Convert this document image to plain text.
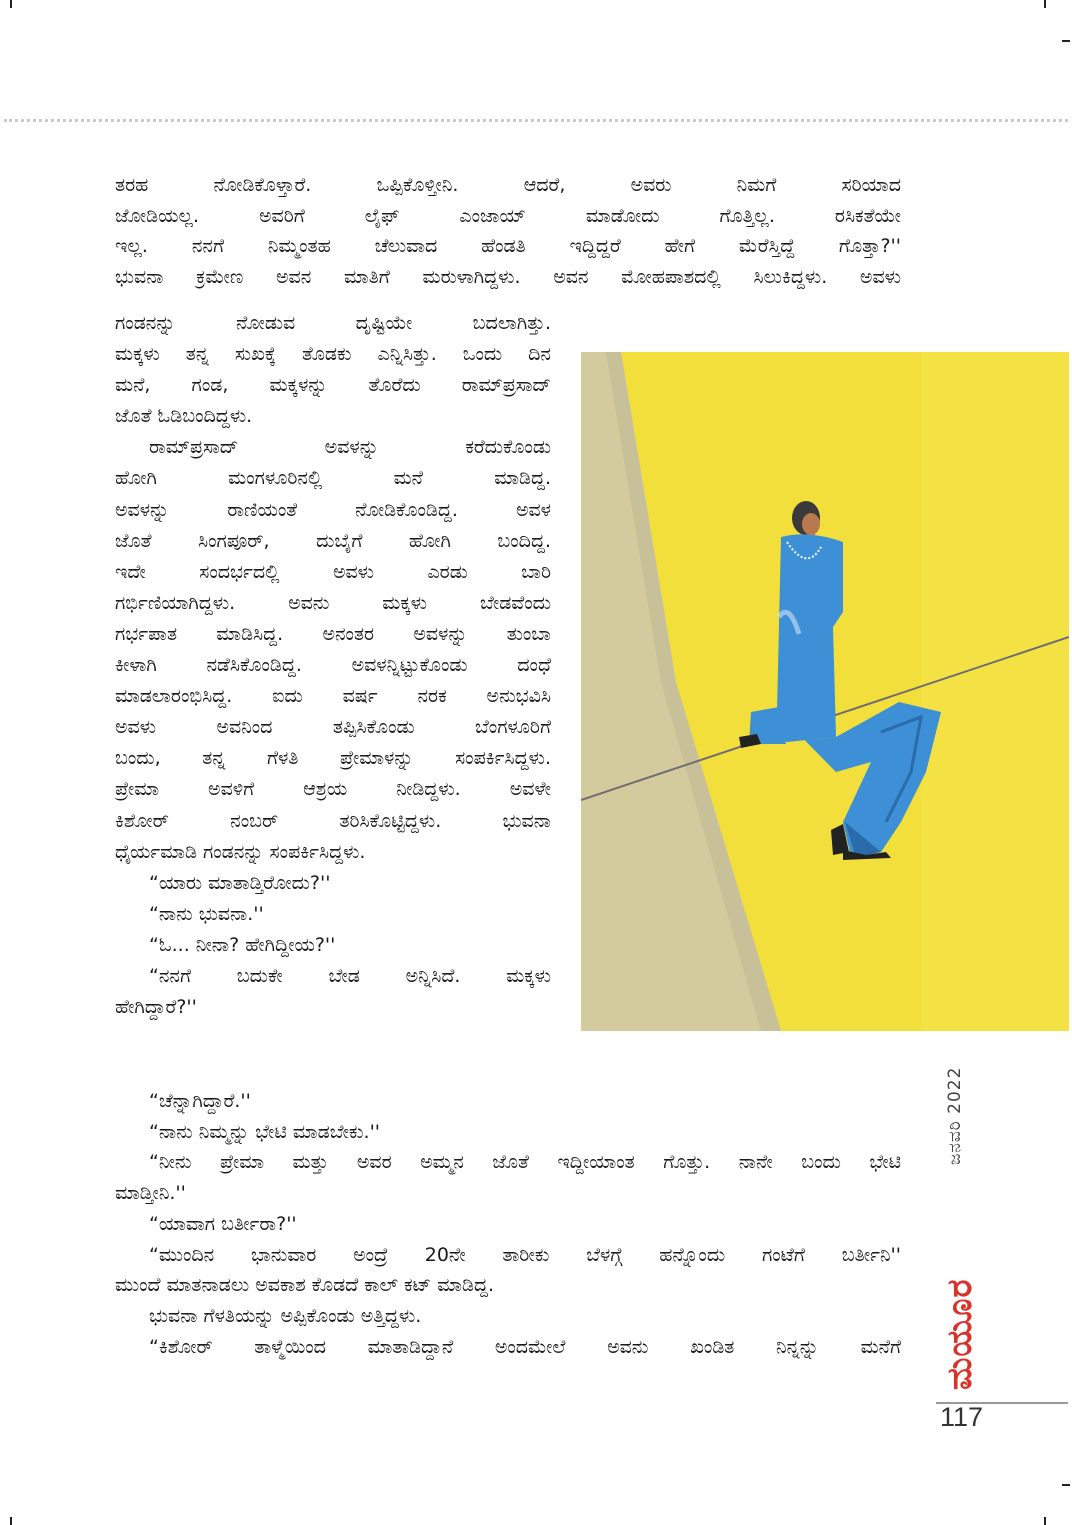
ತರಹ ನೋಡಿಕೊಳ್ತಾರೆ. ಒಪ್ಪಿಕೊಳ್ತೀನಿ. ಆದರೆ, ಅವರು ನಿಮಗೆ ಸರಿಯಾದ

ಜೋಡಿಯಲ್ಲ. ಅವರಿಗೆ ಲೈಫ್ ಎಂಜಾಯ್ ಮಾಡೋದು ಗೊತ್ತಿಲ್ಲ. ರಸಿಕತೆಯೇ

ಇಲ್ಲ. ನನಗೆ ನಿಮ್ಮಂತಹ ಚೆಲುವಾದ ಹೆಂಡತಿ ಇದ್ದಿದ್ದರೆ ಹೇಗೆ ಮೆರೆಸ್ತಿದ್ದೆ ಗೊತ್ತಾ?''

ಭುವನಾ ಕ್ರಮೇಣ ಅವನ ಮಾತಿಗೆ ಮರುಳಾಗಿದ್ದಳು. ಅವನ ಮೋಹಪಾಶದಲ್ಲಿ ಸಿಲುಕಿದ್ದಳು. ಅವಳು

ಗಂಡನನ್ನು ನೋಡುವ ದೃಷ್ಟಿಯೇ ಬದಲಾಗಿತ್ತು.

ಮಕ್ಕಳು ತನ್ನ ಸುಖಕ್ಕೆ ತೊಡಕು ಎನ್ನಿಸಿತ್ತು. ಒಂದು ದಿನ

ಮನೆ, ಗಂಡ, ಮಕ್ಕಳನ್ನು ತೊರೆದು ರಾಮ್‌ಪ್ರಸಾದ್

ಜೊತೆ ಓಡಿಬಂದಿದ್ದಳು.

ರಾಮ್‌ಪ್ರಸಾದ್ ಅವಳನ್ನು ಕರೆದುಕೊಂಡು

ಹೋಗಿ ಮಂಗಳೂರಿನಲ್ಲಿ ಮನೆ ಮಾಡಿದ್ದ.

ಅವಳನ್ನು ರಾಣಿಯಂತೆ ನೋಡಿಕೊಂಡಿದ್ದ. ಅವಳ

ಜೊತೆ ಸಿಂಗಪೂರ್, ದುಬೈಗೆ ಹೋಗಿ ಬಂದಿದ್ದ.

ಇದೇ ಸಂದರ್ಭದಲ್ಲಿ ಅವಳು ಎರಡು ಬಾರಿ

ಗರ್ಭಿಣಿಯಾಗಿದ್ದಳು. ಅವನು ಮಕ್ಕಳು ಬೇಡವೆಂದು

ಗರ್ಭಪಾತ ಮಾಡಿಸಿದ್ದ. ಅನಂತರ ಅವಳನ್ನು ತುಂಬಾ

ಕೀಳಾಗಿ ನಡೆಸಿಕೊಂಡಿದ್ದ. ಅವಳನ್ನಿಟ್ಟುಕೊಂಡು ದಂಧೆ

ಮಾಡಲಾರಂಭಿಸಿದ್ದ. ಐದು ವರ್ಷ ನರಕ ಅನುಭವಿಸಿ

ಅವಳು ಅವನಿಂದ ತಪ್ಪಿಸಿಕೊಂಡು ಬೆಂಗಳೂರಿಗೆ

ಬಂದು, ತನ್ನ ಗೆಳತಿ ಪ್ರೇಮಾಳನ್ನು ಸಂಪರ್ಕಿಸಿದ್ದಳು.

ಪ್ರೇಮಾ ಅವಳಿಗೆ ಆಶ್ರಯ ನೀಡಿದ್ದಳು. ಅವಳೇ

ಕಿಶೋರ್ ನಂಬರ್ ತರಿಸಿಕೊಟ್ಟಿದ್ದಳು. ಭುವನಾ

ಧೈರ್ಯಮಾಡಿ ಗಂಡನನ್ನು ಸಂಪರ್ಕಿಸಿದ್ದಳು.

“ಯಾರು ಮಾತಾಡ್ತಿರೋದು?''

“ನಾನು ಭುವನಾ.''

“ಓ... ನೀನಾ? ಹೇಗಿದ್ದೀಯ?''

“ನನಗೆ ಬದುಕೇ ಬೇಡ ಅನ್ನಿಸಿದೆ. ಮಕ್ಕಳು

ಹೇಗಿದ್ದಾರೆ?''

“ಚೆನ್ನಾಗಿದ್ದಾರೆ.''

“ನಾನು ನಿಮ್ಮನ್ನು ಭೇಟಿ ಮಾಡಬೇಕು.''

“ನೀನು ಪ್ರೇಮಾ ಮತ್ತು ಅವರ ಅಮ್ಮನ ಜೊತೆ ಇದ್ದೀಯಾಂತ ಗೊತ್ತು. ನಾನೇ ಬಂದು ಭೇಟಿ

ಮಾಡ್ತೀನಿ.''

“ಯಾವಾಗ ಬರ್ತೀರಾ?''

“ಮುಂದಿನ ಭಾನುವಾರ ಅಂದ್ರೆ 20ನೇ ತಾರೀಕು ಬೆಳಗ್ಗೆ ಹನ್ನೊಂದು ಗಂಟೆಗೆ ಬರ್ತೀನಿ''

ಮುಂದೆ ಮಾತನಾಡಲು ಅವಕಾಶ ಕೊಡದೆ ಕಾಲ್ ಕಟ್ ಮಾಡಿದ್ದ.

ಭುವನಾ ಗೆಳತಿಯನ್ನು ಅಪ್ಪಿಕೊಂಡು ಅತ್ತಿದ್ದಳು.

“ಕಿಶೋರ್ ತಾಳ್ಮೆಯಿಂದ ಮಾತಾಡಿದ್ದಾನೆ ಅಂದಮೇಲೆ ಅವನು ಖಂಡಿತ ನಿನ್ನನ್ನು ಮನೆಗೆ

ಜನವರಿ 2022
ಮಯೂರ
117
